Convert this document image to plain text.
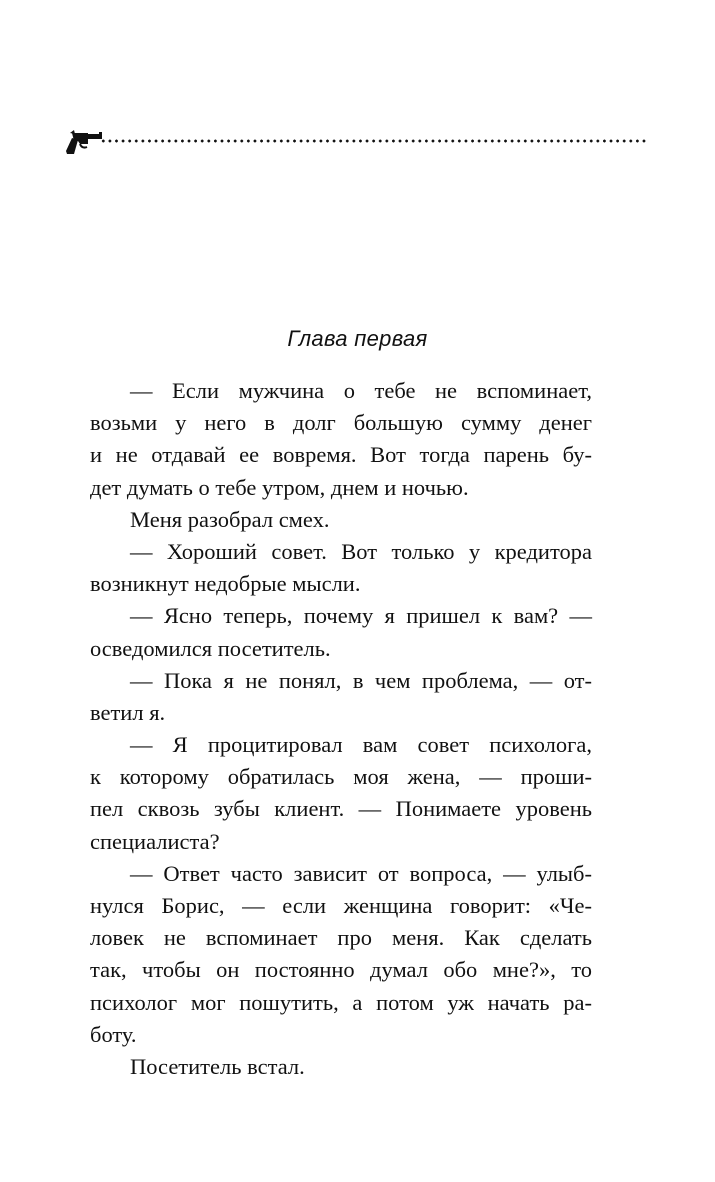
Глава первая
— Если мужчина о тебе не вспоминает,
возьми у него в долг большую сумму денег
и не отдавай ее вовремя. Вот тогда парень бу-
дет думать о тебе утром, днем и ночью.
Меня разобрал смех.
— Хороший совет. Вот только у кредитора
возникнут недобрые мысли.
— Ясно теперь, почему я пришел к вам? —
осведомился посетитель.
— Пока я не понял, в чем проблема, — от-
ветил я.
— Я процитировал вам совет психолога,
к которому обратилась моя жена, — проши-
пел сквозь зубы клиент. — Понимаете уровень
специалиста?
— Ответ часто зависит от вопроса, — улыб-
нулся Борис, — если женщина говорит: «Че-
ловек не вспоминает про меня. Как сделать
так, чтобы он постоянно думал обо мне?», то
психолог мог пошутить, а потом уж начать ра-
боту.
Посетитель встал.
